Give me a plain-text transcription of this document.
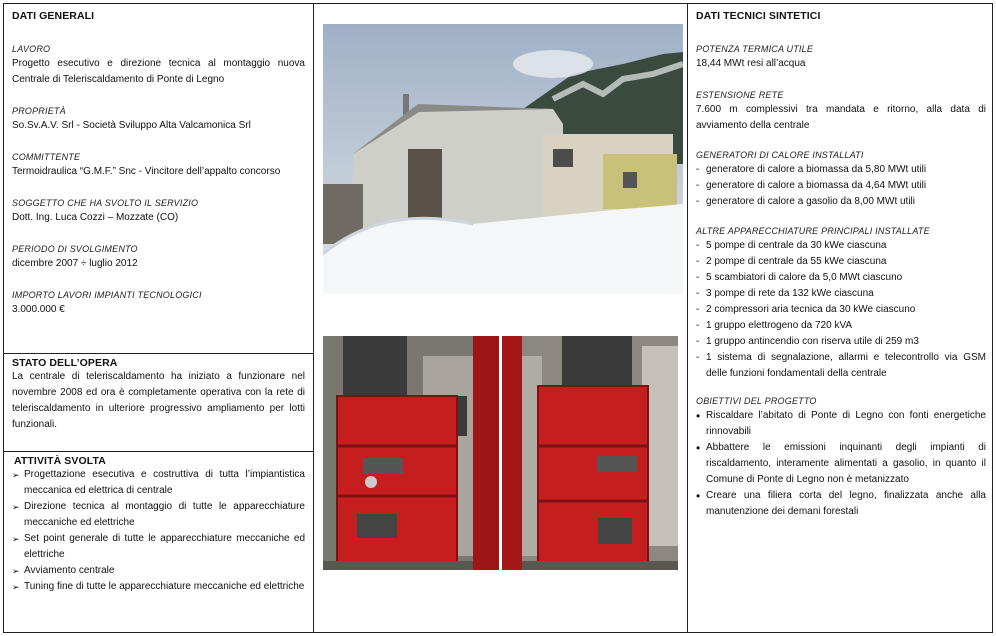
DATI GENERALI
LAVORO
Progetto esecutivo e direzione tecnica al montaggio nuova Centrale di Teleriscaldamento di Ponte di Legno
PROPRIETÀ
So.Sv.A.V. Srl - Società Sviluppo Alta Valcamonica Srl
COMMITTENTE
Termoidraulica “G.M.F.” Snc - Vincitore dell’appalto concorso
SOGGETTO CHE HA SVOLTO IL SERVIZIO
Dott. Ing. Luca Cozzi – Mozzate (CO)
PERIODO DI SVOLGIMENTO
dicembre 2007 ÷ luglio 2012
IMPORTO LAVORI IMPIANTI TECNOLOGICI
3.000.000 €
STATO DELL’OPERA
La centrale di teleriscaldamento ha iniziato a funzionare nel novembre 2008 ed ora è completamente operativa con la rete di teleriscaldamento in ulteriore progressivo ampliamento per lotti funzionali.
ATTIVITÀ SVOLTA
➢ Progettazione esecutiva e costruttiva di tutta l’impiantistica meccanica ed elettrica di centrale
➢ Direzione tecnica al montaggio di tutte le apparecchiature meccaniche ed elettriche
➢ Set point generale di tutte le apparecchiature meccaniche ed elettriche
➢ Avviamento centrale
➢ Tuning fine di tutte le apparecchiature meccaniche ed elettriche
DATI TECNICI SINTETICI
POTENZA TERMICA UTILE
18,44 MWt resi all’acqua
ESTENSIONE RETE
7.600 m complessivi tra mandata e ritorno, alla data di avviamento della centrale
GENERATORI DI CALORE INSTALLATI
- generatore di calore a biomassa da 5,80 MWt utili
- generatore di calore a biomassa da 4,64 MWt utili
- generatore di calore a gasolio da 8,00 MWt utili
ALTRE APPARECCHIATURE PRINCIPALI INSTALLATE
- 5 pompe di centrale da 30 kWe ciascuna
- 2 pompe di centrale da 55 kWe ciascuna
- 5 scambiatori di calore da 5,0 MWt ciascuno
- 3 pompe di rete da 132 kWe ciascuna
- 2 compressori aria tecnica da 30 kWe ciascuno
- 1 gruppo elettrogeno da 720 kVA
- 1 gruppo antincendio con riserva utile di 259 m3
- 1 sistema di segnalazione, allarmi e telecontrollo via GSM delle funzioni fondamentali della centrale
OBIETTIVI DEL PROGETTO
• Riscaldare l’abitato di Ponte di Legno con fonti energetiche rinnovabili
• Abbattere le emissioni inquinanti degli impianti di riscaldamento, interamente alimentati a gasolio, in quanto il Comune di Ponte di Legno non è metanizzato
• Creare una filiera corta del legno, finalizzata anche alla manutenzione dei demani forestali
